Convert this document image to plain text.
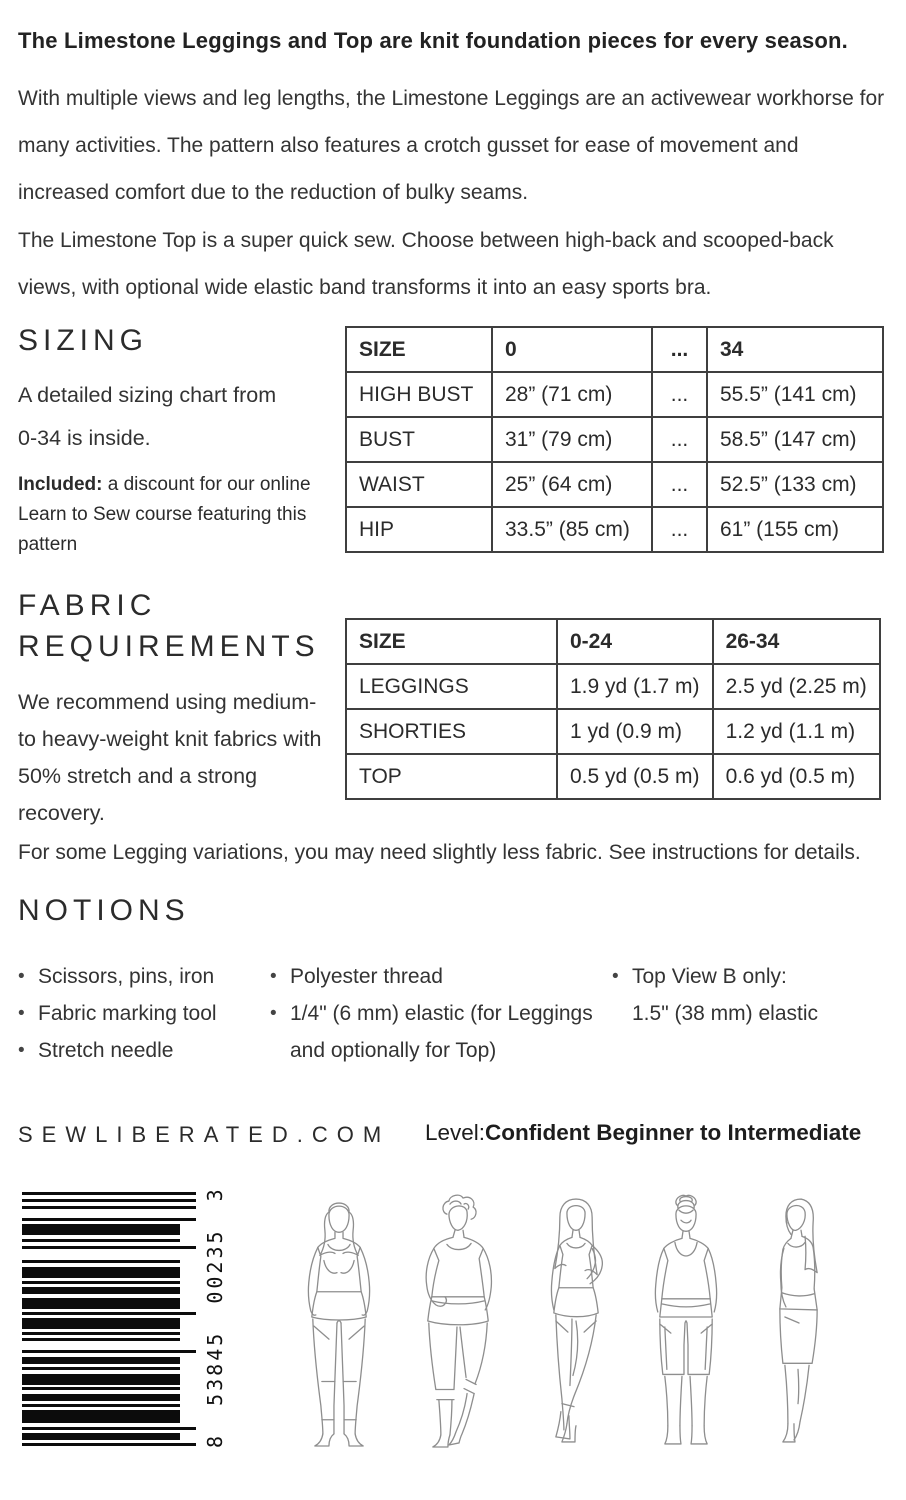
The Limestone Leggings and Top are knit foundation pieces for every season.

With multiple views and leg lengths, the Limestone Leggings are an activewear workhorse for many activities. The pattern also features a crotch gusset for ease of movement and increased comfort due to the reduction of bulky seams.

The Limestone Top is a super quick sew. Choose between high-back and scooped-back views, with optional wide elastic band transforms it into an easy sports bra.

SIZING
A detailed sizing chart from
0-34 is inside.

Included: a discount for our online Learn to Sew course featuring this pattern

SIZE	0	...	34
HIGH BUST	28” (71 cm)	...	55.5” (141 cm)
BUST	31” (79 cm)	...	58.5” (147 cm)
WAIST	25” (64 cm)	...	52.5” (133 cm)
HIP	33.5” (85 cm)	...	61” (155 cm)
FABRIC REQUIREMENTS
We recommend using medium-
to heavy-weight knit fabrics with
50% stretch and a strong
recovery.
SIZE	0-24	26-34
LEGGINGS	1.9 yd (1.7 m)	2.5 yd (2.25 m)
SHORTIES	1 yd (0.9 m)	1.2 yd (1.1 m)
TOP	0.5 yd (0.5 m)	0.6 yd (0.5 m)

For some Legging variations, you may need slightly less fabric. See instructions for details.

NOTIONS
• Scissors, pins, iron
• Fabric marking tool
• Stretch needle
• Polyester thread
• 1/4" (6 mm) elastic (for Leggings and optionally for Top)
• Top View B only:
1.5" (38 mm) elastic
SEWLIBERATED.COM Level:Confident Beginner to Intermediate
8 53845 00235 3
